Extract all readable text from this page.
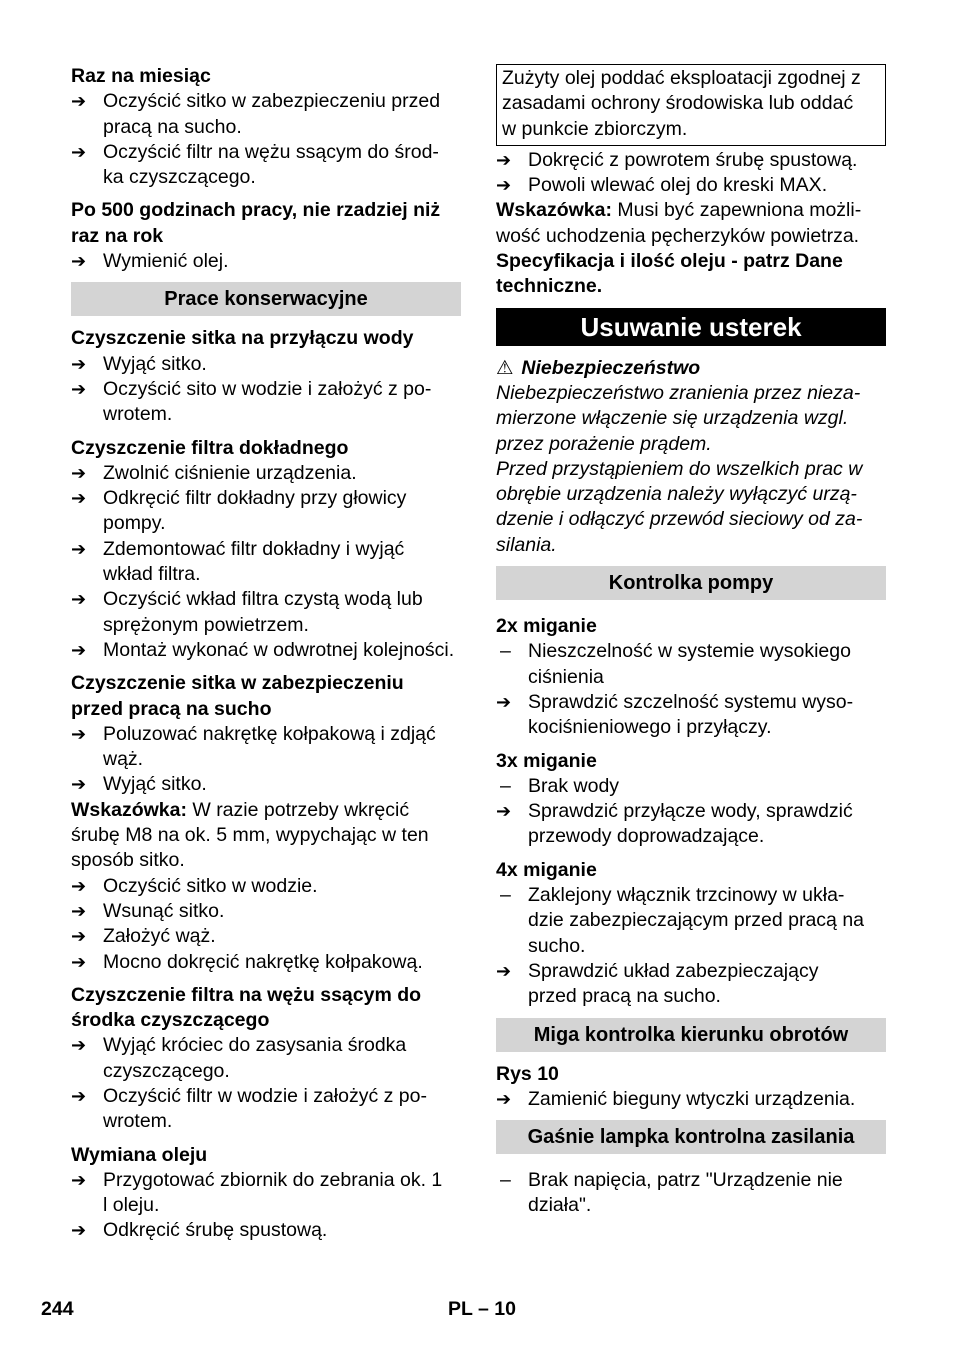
Raz na miesiąc
➔ Oczyścić sitko w zabezpieczeniu przed
pracą na sucho.
➔ Oczyścić filtr na wężu ssącym do środ-
ka czyszczącego.
Po 500 godzinach pracy, nie rzadziej niż
raz na rok
➔ Wymienić olej.
Prace konserwacyjne
Czyszczenie sitka na przyłączu wody
➔ Wyjąć sitko.
➔ Oczyścić sito w wodzie i założyć z po-
wrotem.
Czyszczenie filtra dokładnego
➔ Zwolnić ciśnienie urządzenia.
➔ Odkręcić filtr dokładny przy głowicy
pompy.
➔ Zdemontować filtr dokładny i wyjąć
wkład filtra.
➔ Oczyścić wkład filtra czystą wodą lub
sprężonym powietrzem.
➔ Montaż wykonać w odwrotnej kolejności.
Czyszczenie sitka w zabezpieczeniu
przed pracą na sucho
➔ Poluzować nakrętkę kołpakową i zdjąć
wąż.
➔ Wyjąć sitko.
Wskazówka: W razie potrzeby wkręcić
śrubę M8 na ok. 5 mm, wypychając w ten
sposób sitko.
➔ Oczyścić sitko w wodzie.
➔ Wsunąć sitko.
➔ Założyć wąż.
➔ Mocno dokręcić nakrętkę kołpakową.
Czyszczenie filtra na wężu ssącym do
środka czyszczącego
➔ Wyjąć króciec do zasysania środka
czyszczącego.
➔ Oczyścić filtr w wodzie i założyć z po-
wrotem.
Wymiana oleju
➔ Przygotować zbiornik do zebrania ok. 1
l oleju.
➔ Odkręcić śrubę spustową.
Zużyty olej poddać eksploatacji zgodnej z
zasadami ochrony środowiska lub oddać
w punkcie zbiorczym.
➔ Dokręcić z powrotem śrubę spustową.
➔ Powoli wlewać olej do kreski MAX.
Wskazówka: Musi być zapewniona możli-
wość uchodzenia pęcherzyków powietrza.
Specyfikacja i ilość oleju - patrz Dane
techniczne.
Usuwanie usterek
⚠ Niebezpieczeństwo
Niebezpieczeństwo zranienia przez nieza-
mierzone włączenie się urządzenia wzgl.
przez porażenie prądem.
Przed przystąpieniem do wszelkich prac w
obrębie urządzenia należy wyłączyć urzą-
dzenie i odłączyć przewód sieciowy od za-
silania.
Kontrolka pompy
2x miganie
– Nieszczelność w systemie wysokiego
ciśnienia
➔ Sprawdzić szczelność systemu wyso-
kociśnieniowego i przyłączy.
3x miganie
– Brak wody
➔ Sprawdzić przyłącze wody, sprawdzić
przewody doprowadzające.
4x miganie
– Zaklejony włącznik trzcinowy w ukła-
dzie zabezpieczającym przed pracą na
sucho.
➔ Sprawdzić układ zabezpieczający
przed pracą na sucho.
Miga kontrolka kierunku obrotów
Rys 10
➔ Zamienić bieguny wtyczki urządzenia.
Gaśnie lampka kontrolna zasilania
– Brak napięcia, patrz "Urządzenie nie
działa".
244	PL – 10
